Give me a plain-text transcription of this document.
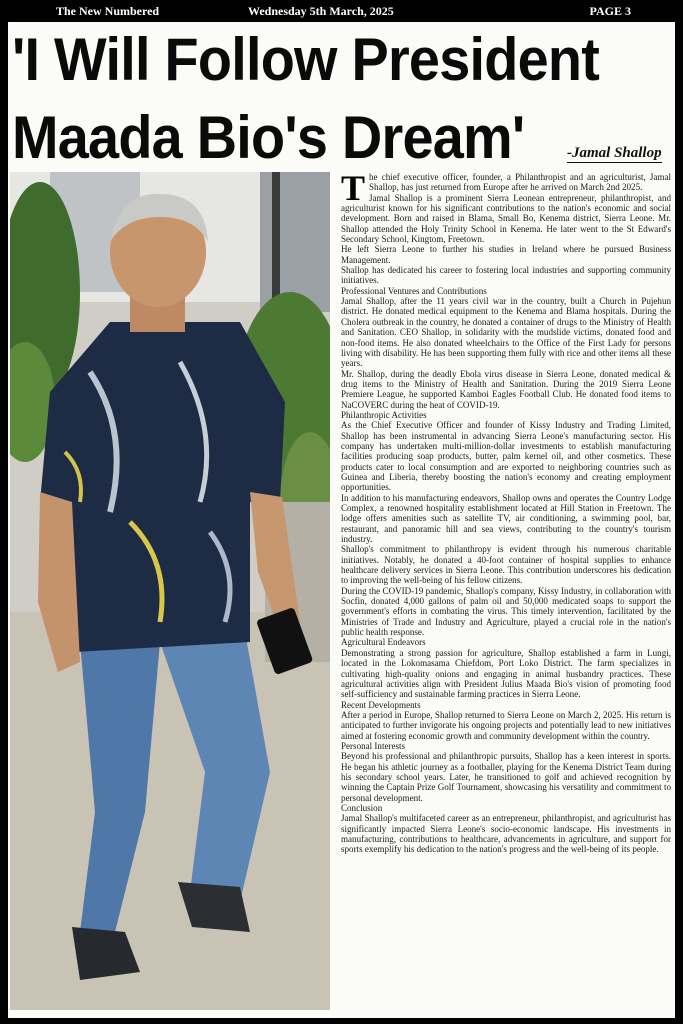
The New Numbered	Wednesday 5th March, 2025	PAGE 3
'I Will Follow President
Maada Bio's Dream'	-Jamal Shallop

The chief executive officer, founder, a Philanthropist and an agriculturist, Jamal Shallop, has just returned from Europe after he arrived on March 2nd 2025.

Jamal Shallop is a prominent Sierra Leonean entrepreneur, philanthropist, and agriculturist known for his significant contributions to the nation's economic and social development. Born and raised in Blama, Small Bo, Kenema district, Sierra Leone. Mr. Shallop attended the Holy Trinity School in Kenema. He later went to the St Edward's Secondary School, Kingtom, Freetown.

He left Sierra Leone to further his studies in Ireland where he pursued Business Management.

Shallop has dedicated his career to fostering local industries and supporting community initiatives.

Professional Ventures and Contributions

Jamal Shallop, after the 11 years civil war in the country, built a Church in Pujehun district. He donated medical equipment to the Kenema and Blama hospitals. During the Cholera outbreak in the country, he donated a container of drugs to the Ministry of Health and Sanitation. CEO Shallop, in solidarity with the mudslide victims, donated food and non-food items. He also donated wheelchairs to the Office of the First Lady for persons living with disability. He has been supporting them fully with rice and other items all these years.

Mr. Shallop, during the deadly Ebola virus disease in Sierra Leone, donated medical & drug items to the Ministry of Health and Sanitation. During the 2019 Sierra Leone Premiere League, he supported Kamboi Eagles Football Club. He donated food items to NaCOVERC during the heat of COVID-19.

Philanthropic Activities

As the Chief Executive Officer and founder of Kissy Industry and Trading Limited, Shallop has been instrumental in advancing Sierra Leone's manufacturing sector. His company has undertaken multi-million-dollar investments to establish manufacturing facilities producing soap products, butter, palm kernel oil, and other cosmetics. These products cater to local consumption and are exported to neighboring countries such as Guinea and Liberia, thereby boosting the nation's economy and creating employment opportunities.

In addition to his manufacturing endeavors, Shallop owns and operates the Country Lodge Complex, a renowned hospitality establishment located at Hill Station in Freetown. The lodge offers amenities such as satellite TV, air conditioning, a swimming pool, bar, restaurant, and panoramic hill and sea views, contributing to the country's tourism industry.

Shallop's commitment to philanthropy is evident through his numerous charitable initiatives. Notably, he donated a 40-foot container of hospital supplies to enhance healthcare delivery services in Sierra Leone. This contribution underscores his dedication to improving the well-being of his fellow citizens.

During the COVID-19 pandemic, Shallop's company, Kissy Industry, in collaboration with Socfin, donated 4,000 gallons of palm oil and 50,000 medicated soaps to support the government's efforts in combating the virus. This timely intervention, facilitated by the Ministries of Trade and Industry and Agriculture, played a crucial role in the nation's public health response.

Agricultural Endeavors

Demonstrating a strong passion for agriculture, Shallop established a farm in Lungi, located in the Lokomasama Chiefdom, Port Loko District. The farm specializes in cultivating high-quality onions and engaging in animal husbandry practices. These agricultural activities align with President Julius Maada Bio's vision of promoting food self-sufficiency and sustainable farming practices in Sierra Leone.

Recent Developments

After a period in Europe, Shallop returned to Sierra Leone on March 2, 2025. His return is anticipated to further invigorate his ongoing projects and potentially lead to new initiatives aimed at fostering economic growth and community development within the country.

Personal Interests

Beyond his professional and philanthropic pursuits, Shallop has a keen interest in sports. He began his athletic journey as a footballer, playing for the Kenema District Team during his secondary school years. Later, he transitioned to golf and achieved recognition by winning the Captain Prize Golf Tournament, showcasing his versatility and commitment to personal development.

Conclusion

Jamal Shallop's multifaceted career as an entrepreneur, philanthropist, and agriculturist has significantly impacted Sierra Leone's socio-economic landscape. His investments in manufacturing, contributions to healthcare, advancements in agriculture, and support for sports exemplify his dedication to the nation's progress and the well-being of its people.
